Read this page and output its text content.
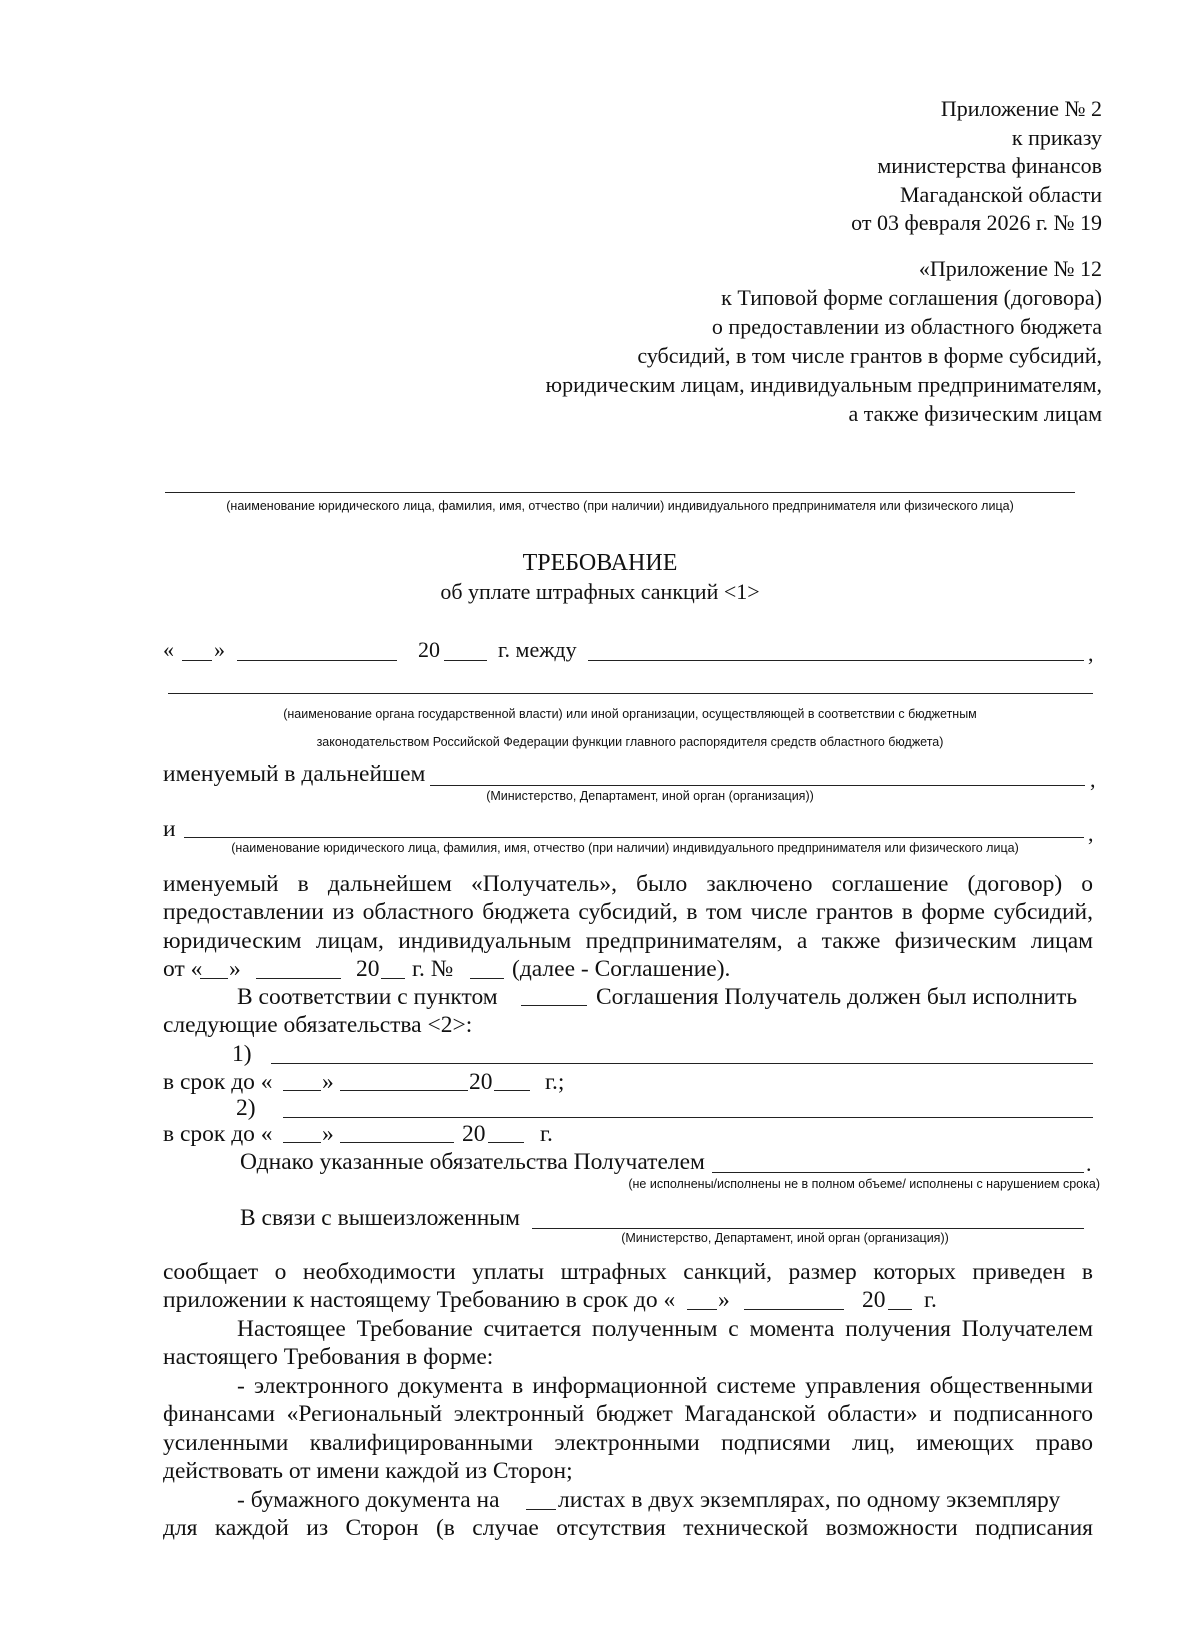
Приложение № 2
к приказу
министерства финансов
Магаданской области
от 03 февраля 2026 г. № 19
«Приложение № 12
к Типовой форме соглашения (договора)
о предоставлении из областного бюджета
субсидий, в том числе грантов в форме субсидий,
юридическим лицам, индивидуальным предпринимателям,
а также физическим лицам
(наименование юридического лица, фамилия, имя, отчество (при наличии) индивидуального предпринимателя или физического лица)
ТРЕБОВАНИЕ
об уплате штрафных санкций <1>
« »	20	г. между	,
(наименование органа государственной власти) или иной организации, осуществляющей в соответствии с бюджетным
законодательством Российской Федерации функции главного распорядителя средств областного бюджета)
именуемый в дальнейшем	,
(Министерство, Департамент, иной орган (организация))
и	,
(наименование юридического лица, фамилия, имя, отчество (при наличии) индивидуального предпринимателя или физического лица)
именуемый в дальнейшем «Получатель», было заключено соглашение (договор) о
предоставлении из областного бюджета субсидий, в том числе грантов в форме субсидий,
юридическим лицам, индивидуальным предпринимателям, а также физическим лицам
от « »	20 г. №	(далее - Соглашение).
В соответствии с пунктом	Соглашения Получатель должен был исполнить
следующие обязательства <2>:
1)
в срок до « »	20 г.;
2)
в срок до « »	20 г.
Однако указанные обязательства Получателем	.
(не исполнены/исполнены не в полном объеме/ исполнены с нарушением срока)
В связи с вышеизложенным
(Министерство, Департамент, иной орган (организация))
сообщает о необходимости уплаты штрафных санкций, размер которых приведен в
приложении к настоящему Требованию в срок до « »	20 г.
Настоящее Требование считается полученным с момента получения Получателем
настоящего Требования в форме:
- электронного документа в информационной системе управления общественными
финансами «Региональный электронный бюджет Магаданской области» и подписанного
усиленными квалифицированными электронными подписями лиц, имеющих право
действовать от имени каждой из Сторон;
- бумажного документа на листах в двух экземплярах, по одному экземпляру
для каждой из Сторон (в случае отсутствия технической возможности подписания
